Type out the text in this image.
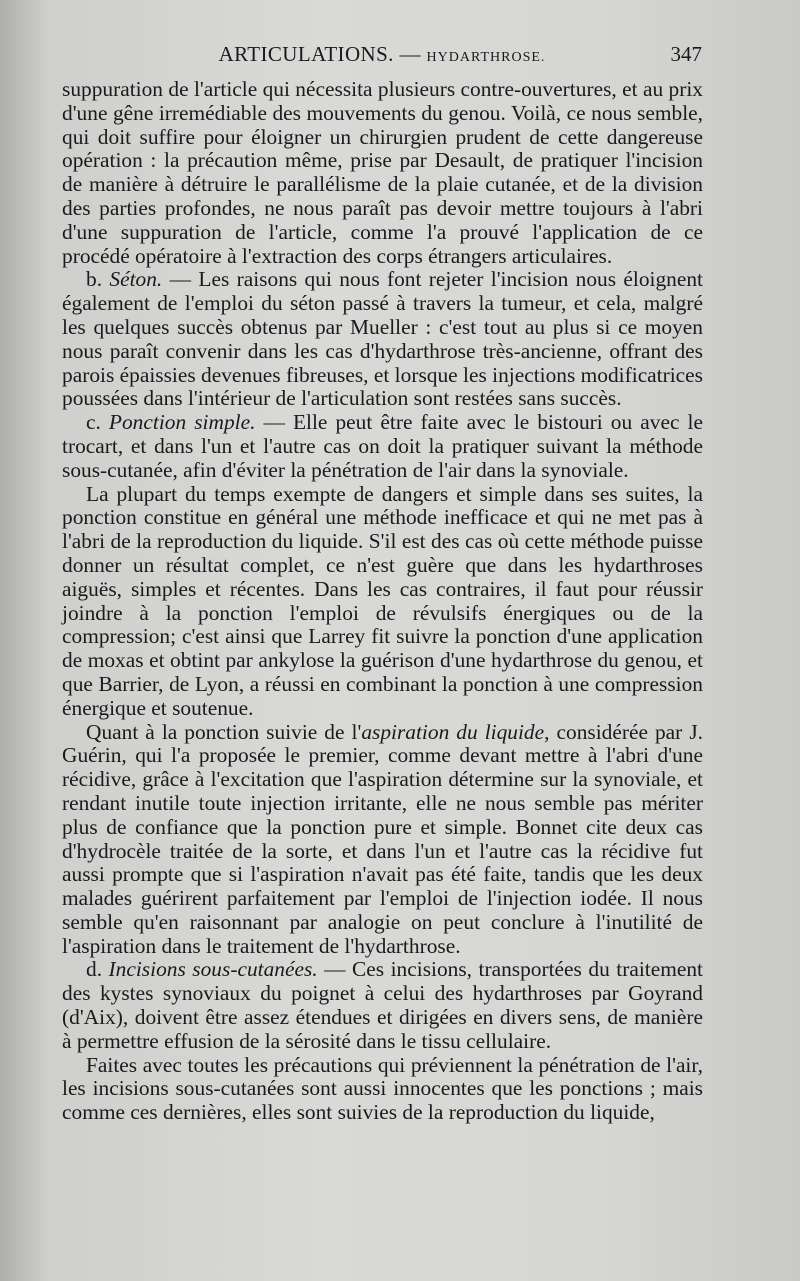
ARTICULATIONS. — HYDARTHROSE.	347

suppuration de l'article qui nécessita plusieurs contre-ouvertures, et au prix d'une gêne irremédiable des mouvements du genou. Voilà, ce nous semble, qui doit suffire pour éloigner un chirurgien prudent de cette dangereuse opération : la précaution même, prise par Desault, de pratiquer l'incision de manière à détruire le parallélisme de la plaie cutanée, et de la division des parties profondes, ne nous paraît pas devoir mettre toujours à l'abri d'une suppuration de l'article, comme l'a prouvé l'application de ce procédé opératoire à l'extraction des corps étrangers articulaires.

b. Séton. — Les raisons qui nous font rejeter l'incision nous éloignent également de l'emploi du séton passé à travers la tumeur, et cela, malgré les quelques succès obtenus par Mueller : c'est tout au plus si ce moyen nous paraît convenir dans les cas d'hydarthrose très-ancienne, offrant des parois épaissies devenues fibreuses, et lorsque les injections modificatrices poussées dans l'intérieur de l'articulation sont restées sans succès.

c. Ponction simple. — Elle peut être faite avec le bistouri ou avec le trocart, et dans l'un et l'autre cas on doit la pratiquer suivant la méthode sous-cutanée, afin d'éviter la pénétration de l'air dans la synoviale.

La plupart du temps exempte de dangers et simple dans ses suites, la ponction constitue en général une méthode inefficace et qui ne met pas à l'abri de la reproduction du liquide. S'il est des cas où cette méthode puisse donner un résultat complet, ce n'est guère que dans les hydarthroses aiguës, simples et récentes. Dans les cas contraires, il faut pour réussir joindre à la ponction l'emploi de révulsifs énergiques ou de la compression; c'est ainsi que Larrey fit suivre la ponction d'une application de moxas et obtint par ankylose la guérison d'une hydarthrose du genou, et que Barrier, de Lyon, a réussi en combinant la ponction à une compression énergique et soutenue.

Quant à la ponction suivie de l'aspiration du liquide, considérée par J. Guérin, qui l'a proposée le premier, comme devant mettre à l'abri d'une récidive, grâce à l'excitation que l'aspiration détermine sur la synoviale, et rendant inutile toute injection irritante, elle ne nous semble pas mériter plus de confiance que la ponction pure et simple. Bonnet cite deux cas d'hydrocèle traitée de la sorte, et dans l'un et l'autre cas la récidive fut aussi prompte que si l'aspiration n'avait pas été faite, tandis que les deux malades guérirent parfaitement par l'emploi de l'injection iodée. Il nous semble qu'en raisonnant par analogie on peut conclure à l'inutilité de l'aspiration dans le traitement de l'hydarthrose.

d. Incisions sous-cutanées. — Ces incisions, transportées du traitement des kystes synoviaux du poignet à celui des hydarthroses par Goyrand (d'Aix), doivent être assez étendues et dirigées en divers sens, de manière à permettre effusion de la sérosité dans le tissu cellulaire.

Faites avec toutes les précautions qui préviennent la pénétration de l'air, les incisions sous-cutanées sont aussi innocentes que les ponctions ; mais comme ces dernières, elles sont suivies de la reproduction du liquide,
